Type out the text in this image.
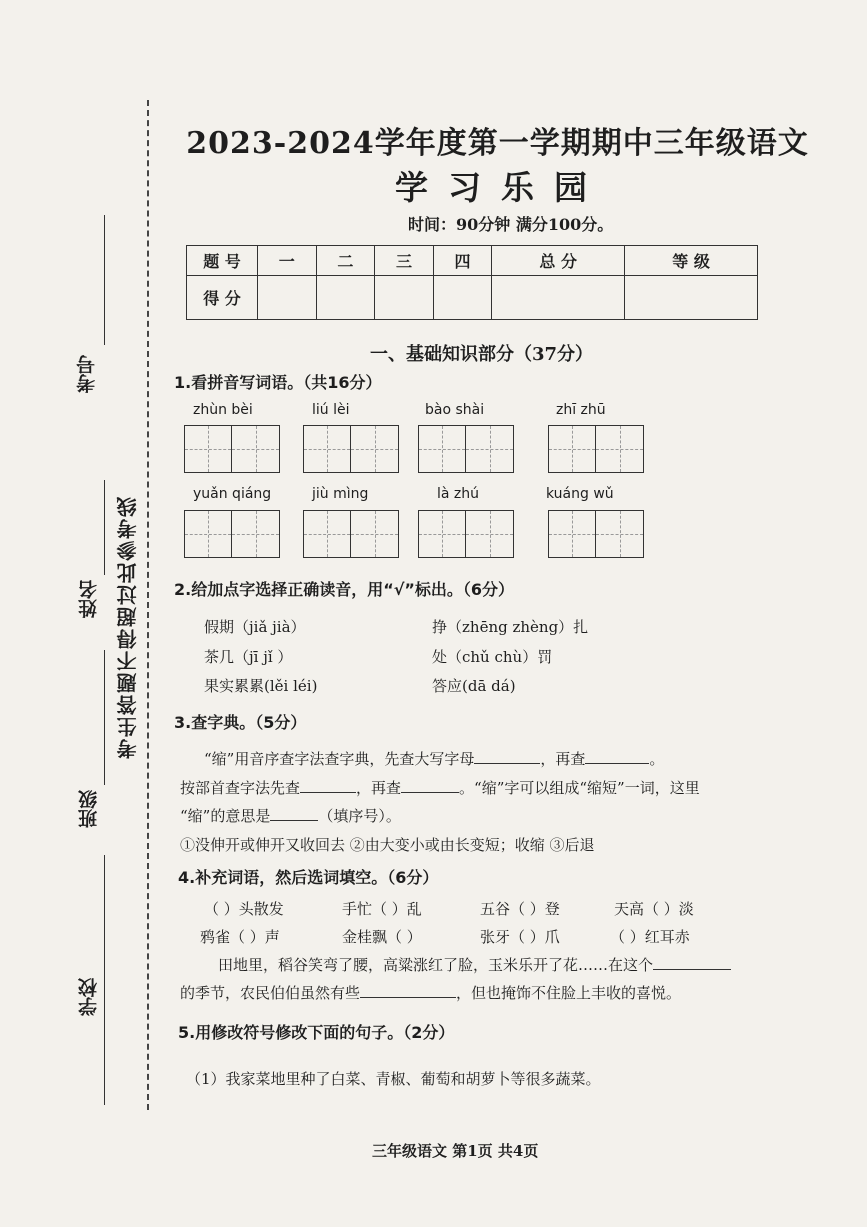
考号
姓名
班级
学校
考生答题不得超过此参考线
2023-2024学年度第一学期期中三年级语文
学习乐园
时间：90分钟 满分100分。
题 号	一	二	三	四	总 分	等 级
得 分						
一、基础知识部分（37分）
1.看拼音写词语。（共16分）
zhùn bèi	liú lèi	bào shài	zhī zhū
yuǎn qiáng	jiù mìng	là zhú	kuáng wǔ
2.给加点字选择正确读音，用“√”标出。（6分）
假期（jiǎ jià）	挣（zhēng zhèng）扎
茶几（jī jǐ ）	处（chǔ chù）罚
果实累累(lěi léi)	答应(dā dá)
3.查字典。（5分）
“缩”用音序查字法查字典，先查大写字母	，再查	。
按部首查字法先查	，再查	。“缩”字可以组成“缩短”一词，这里
“缩”的意思是	（填序号）。
①没伸开或伸开又收回去 ②由大变小或由长变短；收缩 ③后退
4.补充词语，然后选词填空。（6分）
（ ）头散发	手忙（ ）乱	五谷（ ）登	天高（ ）淡
鸦雀（ ）声	金桂飘（ ）	张牙（ ）爪	（ ）红耳赤
田地里，稻谷笑弯了腰，高粱涨红了脸，玉米乐开了花……在这个
的季节，农民伯伯虽然有些	，但也掩饰不住脸上丰收的喜悦。
5.用修改符号修改下面的句子。（2分）
（1）我家菜地里种了白菜、青椒、葡萄和胡萝卜等很多蔬菜。
三年级语文 第1页 共4页
